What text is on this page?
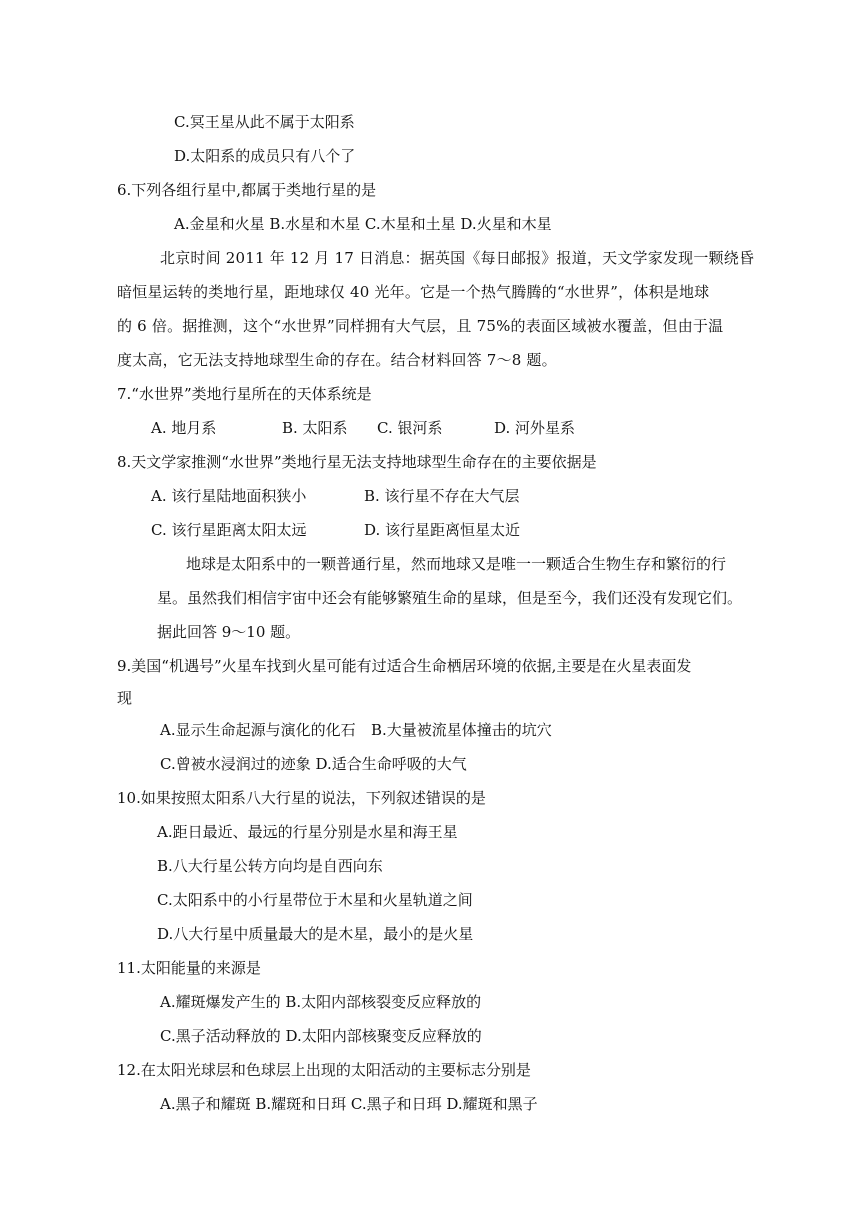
C.冥王星从此不属于太阳系
D.太阳系的成员只有八个了
6.下列各组行星中,都属于类地行星的是
A.金星和火星 B.水星和木星 C.木星和土星 D.火星和木星
北京时间 2011 年 12 月 17 日消息：据英国《每日邮报》报道，天文学家发现一颗绕昏
暗恒星运转的类地行星，距地球仅 40 光年。它是一个热气腾腾的“水世界”，体积是地球
的 6 倍。据推测，这个“水世界”同样拥有大气层，且 75%的表面区域被水覆盖，但由于温
度太高，它无法支持地球型生命的存在。结合材料回答 7～8 题。
7.“水世界”类地行星所在的天体系统是
A. 地月系	B. 太阳系 C. 银河系	D. 河外星系
8.天文学家推测“水世界”类地行星无法支持地球型生命存在的主要依据是
A. 该行星陆地面积狭小	B. 该行星不存在大气层
C. 该行星距离太阳太远	D. 该行星距离恒星太近
地球是太阳系中的一颗普通行星，然而地球又是唯一一颗适合生物生存和繁衍的行
星。虽然我们相信宇宙中还会有能够繁殖生命的星球，但是至今，我们还没有发现它们。
据此回答 9～10 题。
9.美国“机遇号”火星车找到火星可能有过适合生命栖居环境的依据,主要是在火星表面发
现
A.显示生命起源与演化的化石 B.大量被流星体撞击的坑穴
C.曾被水浸润过的迹象 D.适合生命呼吸的大气
10.如果按照太阳系八大行星的说法，下列叙述错误的是
A.距日最近、最远的行星分别是水星和海王星
B.八大行星公转方向均是自西向东
C.太阳系中的小行星带位于木星和火星轨道之间
D.八大行星中质量最大的是木星，最小的是火星
11.太阳能量的来源是
A.耀斑爆发产生的 B.太阳内部核裂变反应释放的
C.黑子活动释放的 D.太阳内部核聚变反应释放的
12.在太阳光球层和色球层上出现的太阳活动的主要标志分别是
A.黑子和耀斑 B.耀斑和日珥 C.黑子和日珥 D.耀斑和黑子
